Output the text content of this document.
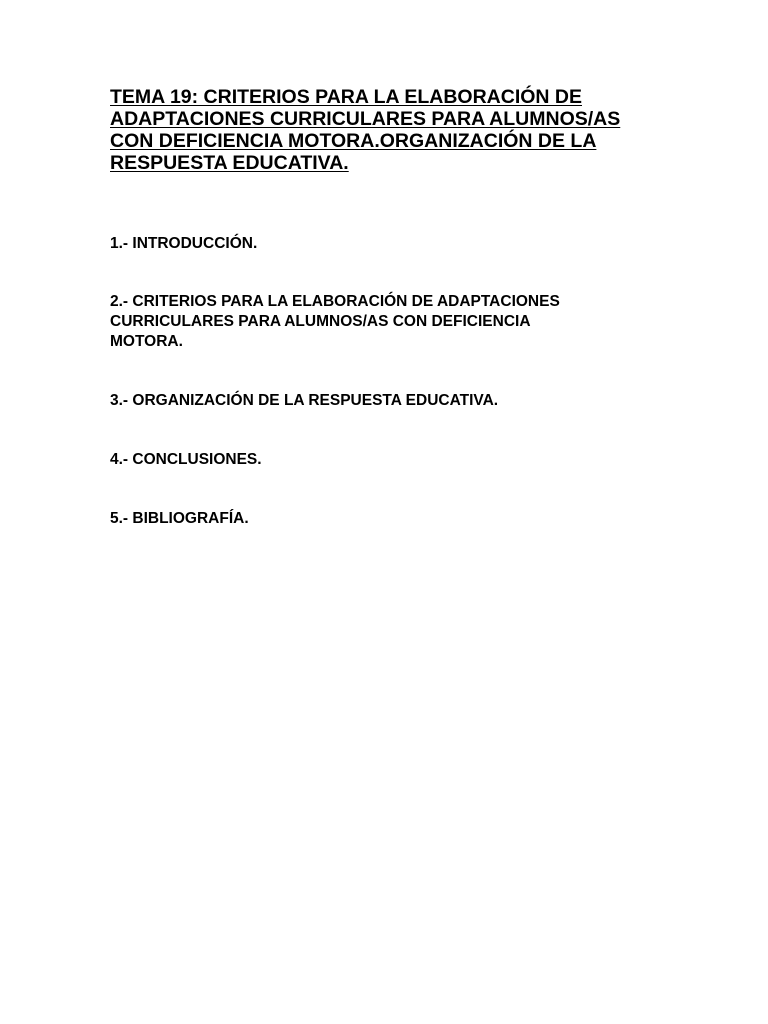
TEMA 19: CRITERIOS PARA LA ELABORACIÓN DE
ADAPTACIONES CURRICULARES PARA ALUMNOS/AS
CON DEFICIENCIA MOTORA.ORGANIZACIÓN DE LA
RESPUESTA EDUCATIVA.
1.- INTRODUCCIÓN.
2.- CRITERIOS PARA LA ELABORACIÓN DE ADAPTACIONES
CURRICULARES PARA ALUMNOS/AS CON DEFICIENCIA
MOTORA.
3.- ORGANIZACIÓN DE LA RESPUESTA EDUCATIVA.
4.- CONCLUSIONES.
5.- BIBLIOGRAFÍA.
